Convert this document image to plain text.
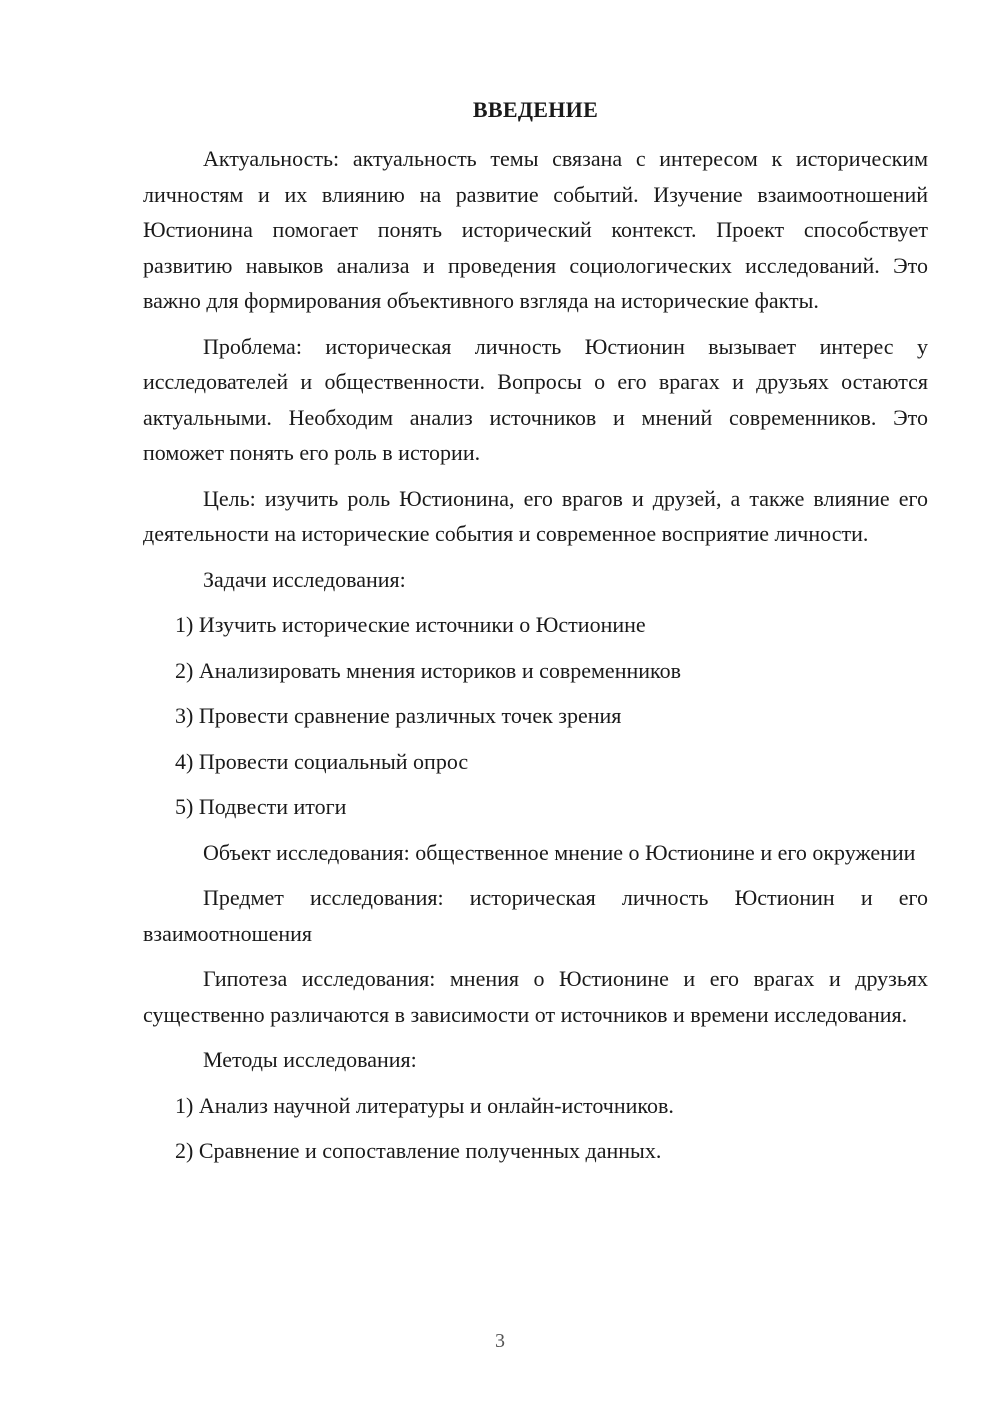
ВВЕДЕНИЕ

Актуальность: актуальность темы связана с интересом к историческим личностям и их влиянию на развитие событий. Изучение взаимоотношений Юстионина помогает понять исторический контекст. Проект способствует развитию навыков анализа и проведения социологических исследований. Это важно для формирования объективного взгляда на исторические факты.

Проблема: историческая личность Юстионин вызывает интерес у исследователей и общественности. Вопросы о его врагах и друзьях остаются актуальными. Необходим анализ источников и мнений современников. Это поможет понять его роль в истории.

Цель: изучить роль Юстионина, его врагов и друзей, а также влияние его деятельности на исторические события и современное восприятие личности.

Задачи исследования:

1) Изучить исторические источники о Юстионине

2) Анализировать мнения историков и современников

3) Провести сравнение различных точек зрения

4) Провести социальный опрос

5) Подвести итоги

Объект исследования: общественное мнение о Юстионине и его окружении

Предмет исследования: историческая личность Юстионин и его взаимоотношения

Гипотеза исследования: мнения о Юстионине и его врагах и друзьях существенно различаются в зависимости от источников и времени исследования.

Методы исследования:

1) Анализ научной литературы и онлайн-источников.

2) Сравнение и сопоставление полученных данных.

3
